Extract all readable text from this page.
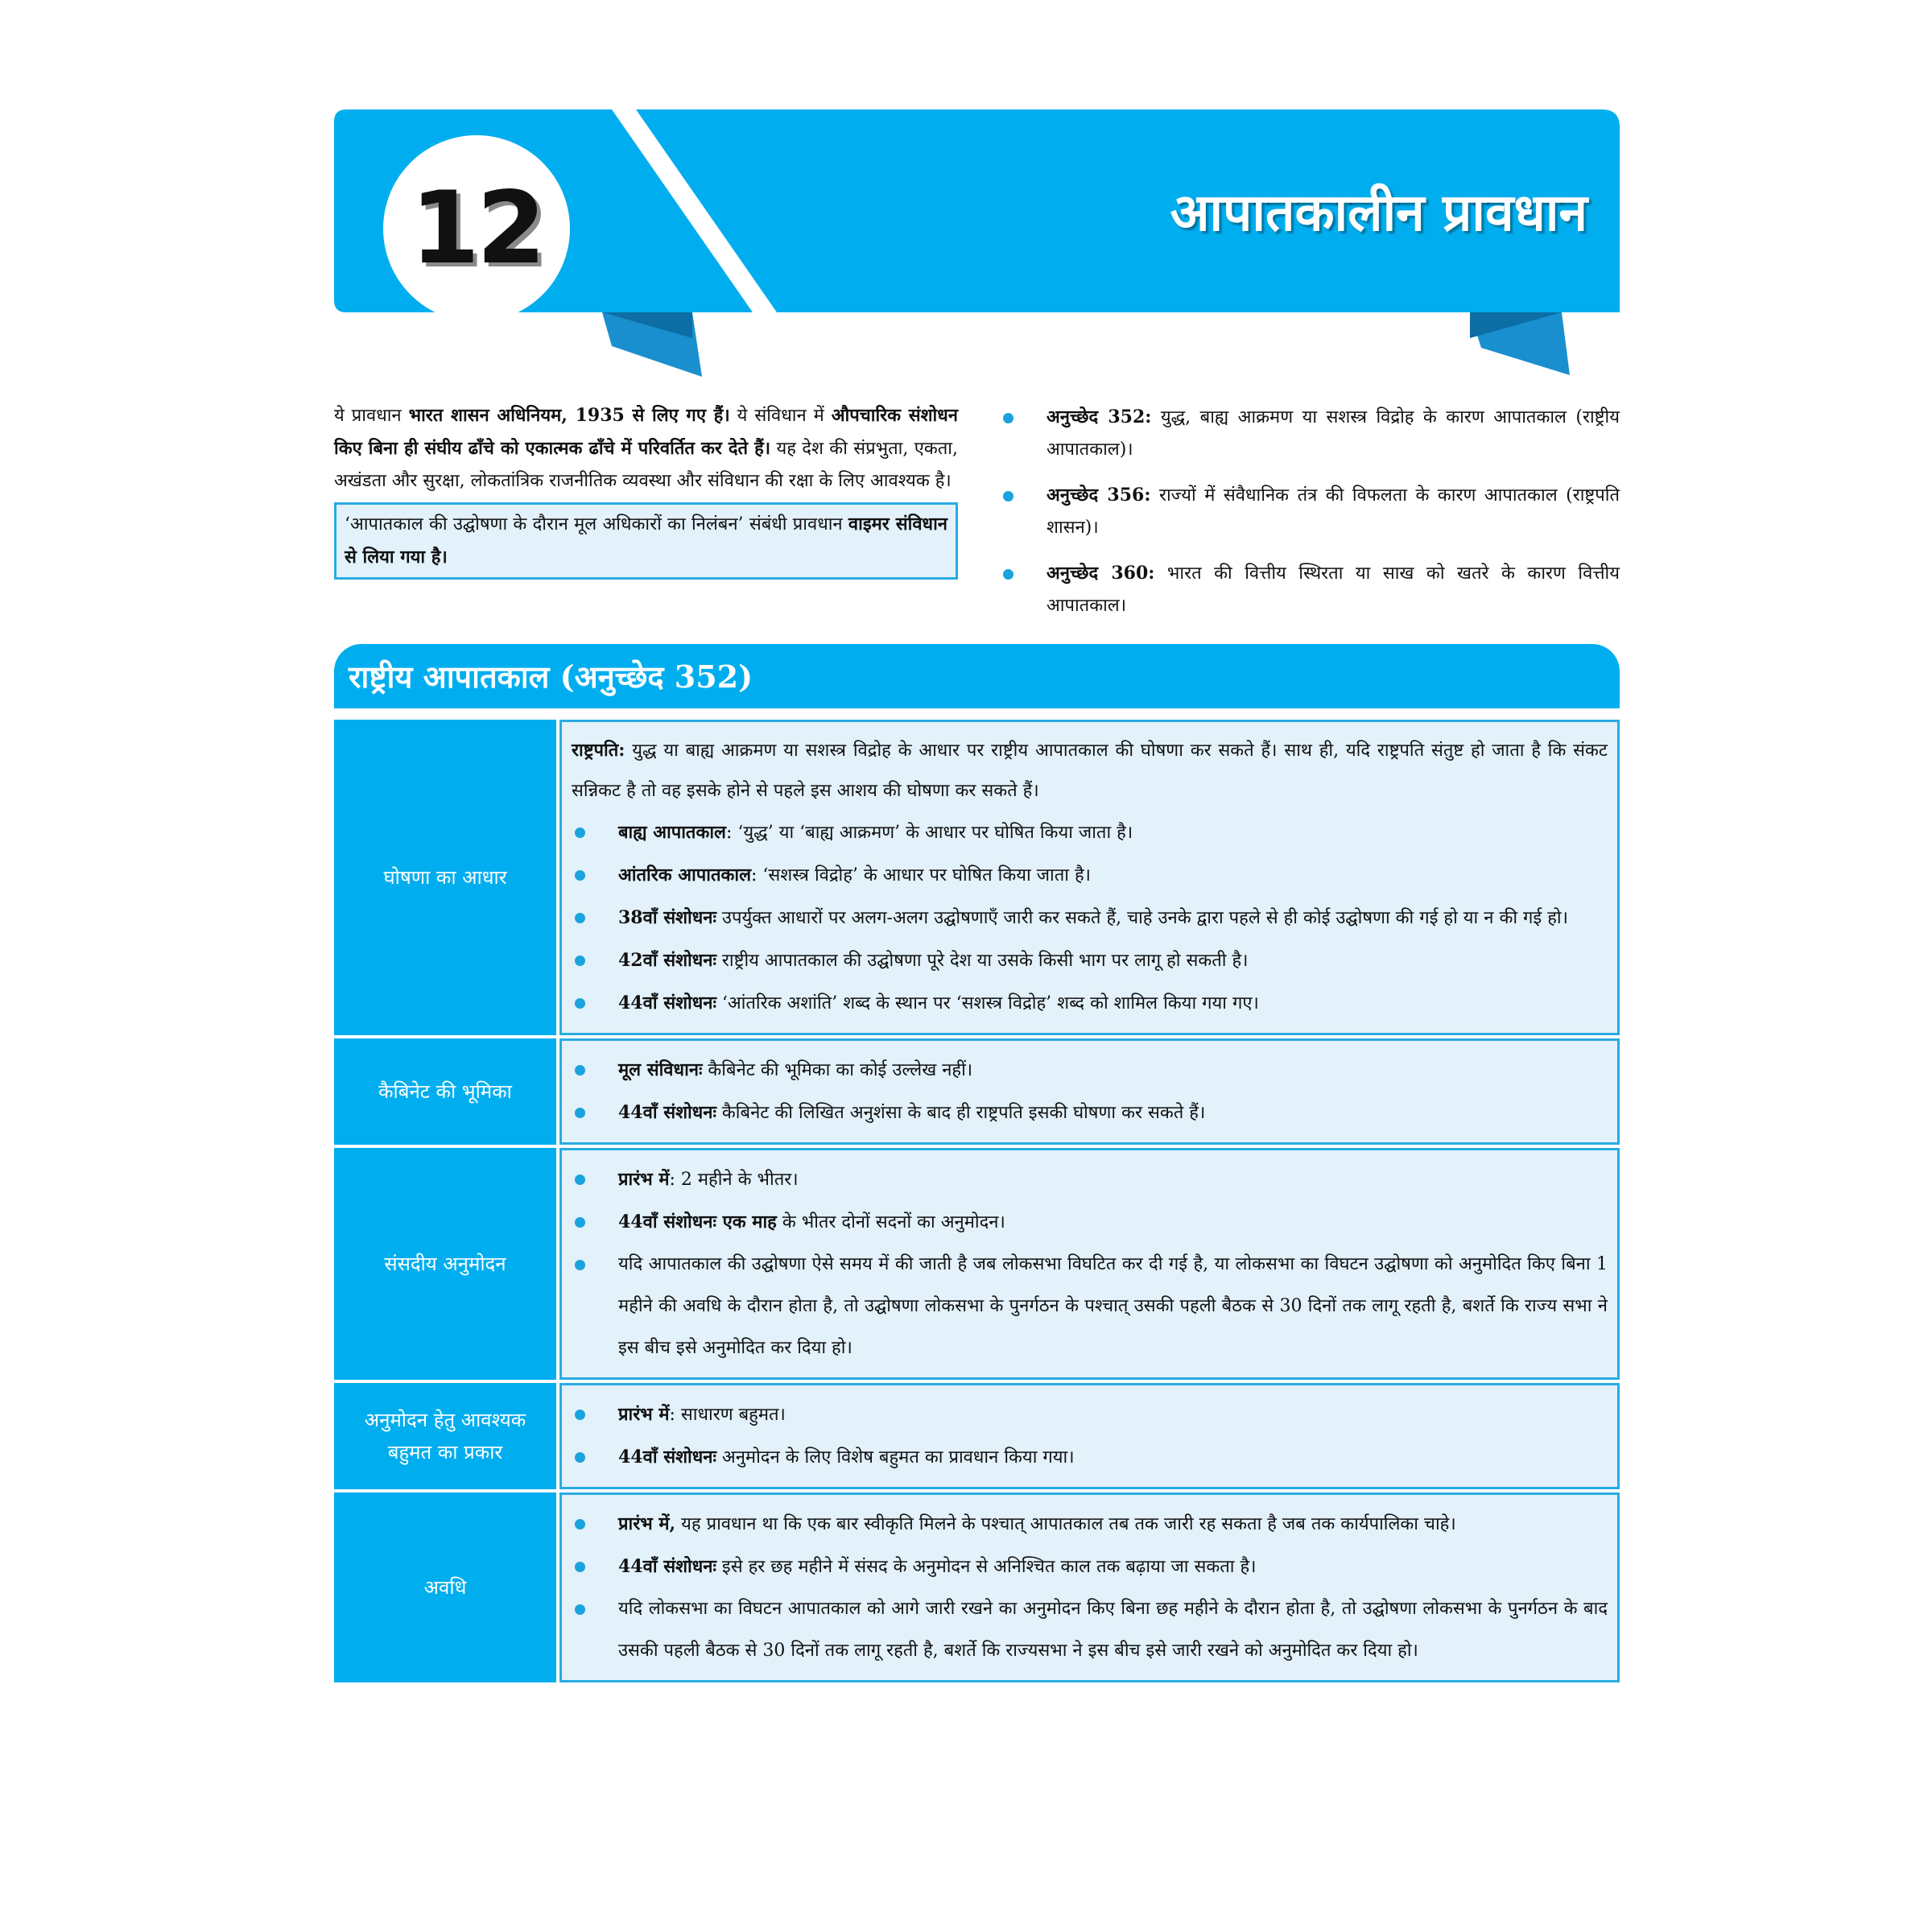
12	आपातकालीन प्रावधान
ये प्रावधान भारत शासन अधिनियम, 1935 से लिए गए हैं। ये संविधान में औपचारिक संशोधन किए बिना ही संघीय ढाँचे को एकात्मक ढाँचे में परिवर्तित कर देते हैं। यह देश की संप्रभुता, एकता, अखंडता और सुरक्षा, लोकतांत्रिक राजनीतिक व्यवस्था और संविधान की रक्षा के लिए आवश्यक है।
‘आपातकाल की उद्घोषणा के दौरान मूल अधिकारों का निलंबन’ संबंधी प्रावधान वाइमर संविधान से लिया गया है।
अनुच्छेद 352: युद्ध, बाह्य आक्रमण या सशस्त्र विद्रोह के कारण आपातकाल (राष्ट्रीय आपातकाल)।
अनुच्छेद 356: राज्यों में संवैधानिक तंत्र की विफलता के कारण आपातकाल (राष्ट्रपति शासन)।
अनुच्छेद 360: भारत की वित्तीय स्थिरता या साख को खतरे के कारण वित्तीय आपातकाल।
राष्ट्रीय आपातकाल (अनुच्छेद 352)
घोषणा का आधार
राष्ट्रपति: युद्ध या बाह्य आक्रमण या सशस्त्र विद्रोह के आधार पर राष्ट्रीय आपातकाल की घोषणा कर सकते हैं। साथ ही, यदि राष्ट्रपति संतुष्ट हो जाता है कि संकट सन्निकट है तो वह इसके होने से पहले इस आशय की घोषणा कर सकते हैं।
बाह्य आपातकाल: ‘युद्ध’ या ‘बाह्य आक्रमण’ के आधार पर घोषित किया जाता है।
आंतरिक आपातकाल: ‘सशस्त्र विद्रोह’ के आधार पर घोषित किया जाता है।
38वाँ संशोधनः उपर्युक्त आधारों पर अलग-अलग उद्घोषणाएँ जारी कर सकते हैं, चाहे उनके द्वारा पहले से ही कोई उद्घोषणा की गई हो या न की गई हो।
42वाँ संशोधनः राष्ट्रीय आपातकाल की उद्घोषणा पूरे देश या उसके किसी भाग पर लागू हो सकती है।
44वाँ संशोधनः ‘आंतरिक अशांति’ शब्द के स्थान पर ‘सशस्त्र विद्रोह’ शब्द को शामिल किया गया गए।
कैबिनेट की भूमिका
मूल संविधानः कैबिनेट की भूमिका का कोई उल्लेख नहीं।
44वाँ संशोधनः कैबिनेट की लिखित अनुशंसा के बाद ही राष्ट्रपति इसकी घोषणा कर सकते हैं।
संसदीय अनुमोदन
प्रारंभ में: 2 महीने के भीतर।
44वाँ संशोधनः एक माह के भीतर दोनों सदनों का अनुमोदन।
यदि आपातकाल की उद्घोषणा ऐसे समय में की जाती है जब लोकसभा विघटित कर दी गई है, या लोकसभा का विघटन उद्घोषणा को अनुमोदित किए बिना 1 महीने की अवधि के दौरान होता है, तो उद्घोषणा लोकसभा के पुनर्गठन के पश्चात् उसकी पहली बैठक से 30 दिनों तक लागू रहती है, बशर्ते कि राज्य सभा ने इस बीच इसे अनुमोदित कर दिया हो।
अनुमोदन हेतु आवश्यक बहुमत का प्रकार
प्रारंभ में: साधारण बहुमत।
44वाँ संशोधनः अनुमोदन के लिए विशेष बहुमत का प्रावधान किया गया।
अवधि
प्रारंभ में, यह प्रावधान था कि एक बार स्वीकृति मिलने के पश्चात् आपातकाल तब तक जारी रह सकता है जब तक कार्यपालिका चाहे।
44वाँ संशोधनः इसे हर छह महीने में संसद के अनुमोदन से अनिश्चित काल तक बढ़ाया जा सकता है।
यदि लोकसभा का विघटन आपातकाल को आगे जारी रखने का अनुमोदन किए बिना छह महीने के दौरान होता है, तो उद्घोषणा लोकसभा के पुनर्गठन के बाद उसकी पहली बैठक से 30 दिनों तक लागू रहती है, बशर्ते कि राज्यसभा ने इस बीच इसे जारी रखने को अनुमोदित कर दिया हो।
